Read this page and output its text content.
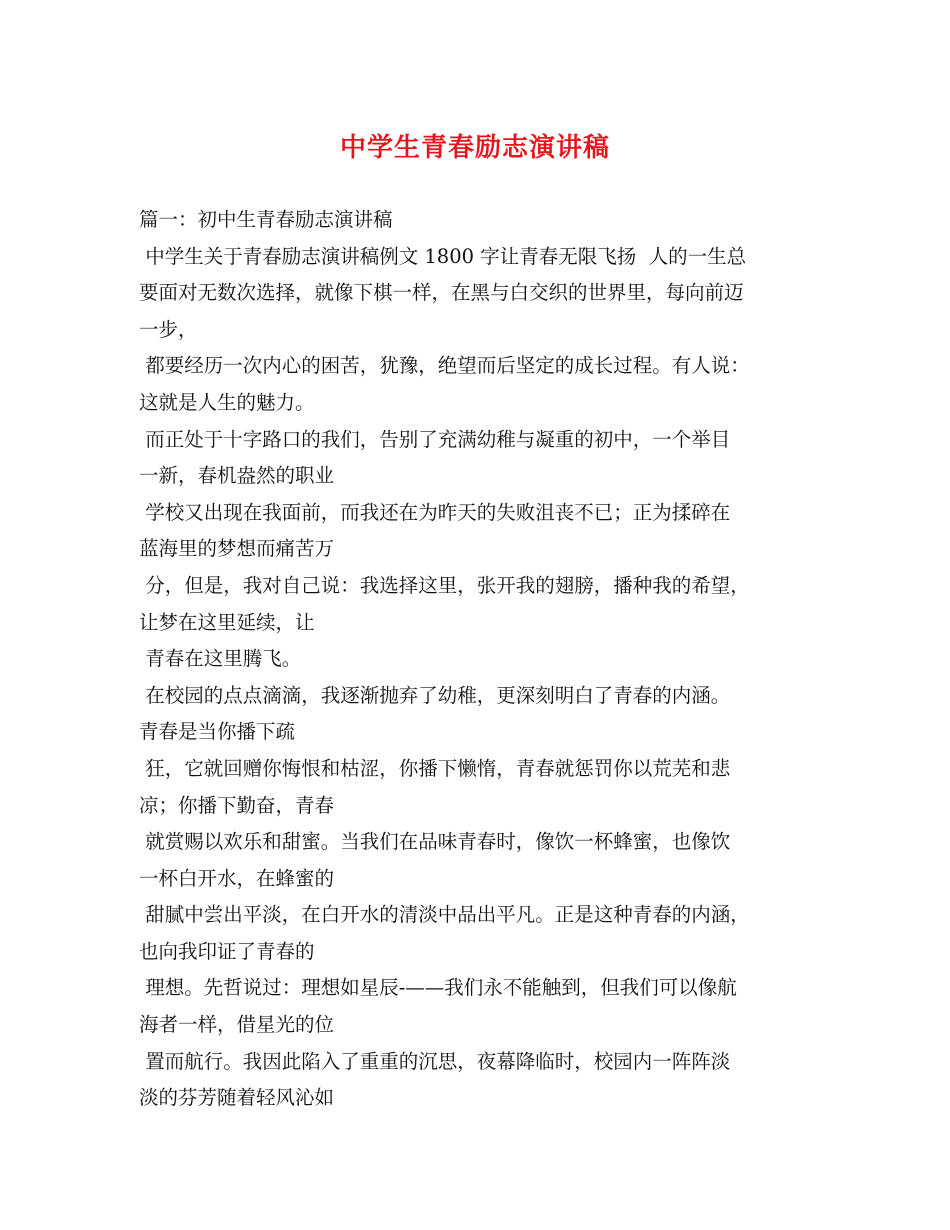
中学生青春励志演讲稿
篇一：初中生青春励志演讲稿
中学生关于青春励志演讲稿例文 1800 字让青春无限飞扬  人的一生总
要面对无数次选择，就像下棋一样，在黑与白交织的世界里，每向前迈
一步，
都要经历一次内心的困苦，犹豫，绝望而后坚定的成长过程。有人说：
这就是人生的魅力。
而正处于十字路口的我们，告别了充满幼稚与凝重的初中，一个举目
一新，春机盎然的职业
学校又出现在我面前，而我还在为昨天的失败沮丧不已；正为揉碎在
蓝海里的梦想而痛苦万
分，但是，我对自己说：我选择这里，张开我的翅膀，播种我的希望，
让梦在这里延续，让
青春在这里腾飞。
在校园的点点滴滴，我逐渐抛弃了幼稚，更深刻明白了青春的内涵。
青春是当你播下疏
狂，它就回赠你悔恨和枯涩，你播下懒惰，青春就惩罚你以荒芜和悲
凉；你播下勤奋，青春
就赏赐以欢乐和甜蜜。当我们在品味青春时，像饮一杯蜂蜜，也像饮
一杯白开水，在蜂蜜的
甜腻中尝出平淡，在白开水的清淡中品出平凡。正是这种青春的内涵，
也向我印证了青春的
理想。先哲说过：理想如星辰-——我们永不能触到，但我们可以像航
海者一样，借星光的位
置而航行。我因此陷入了重重的沉思，夜幕降临时，校园内一阵阵淡
淡的芬芳随着轻风沁如
